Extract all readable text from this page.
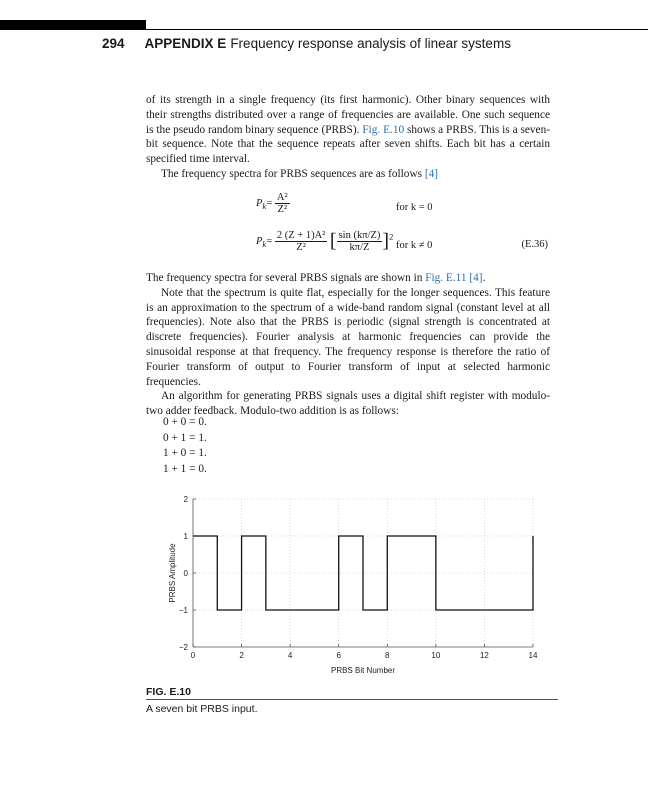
294 APPENDIX E Frequency response analysis of linear systems

of its strength in a single frequency (its first harmonic). Other binary sequences with their strengths distributed over a range of frequencies are available. One such sequence is the pseudo random binary sequence (PRBS). Fig. E.10 shows a PRBS. This is a seven-bit sequence. Note that the sequence repeats after seven shifts. Each bit has a certain specified time interval.

The frequency spectra for PRBS sequences are as follows [4]

$P_k= \frac{\text{A²}}{\text{Z²}}$	for k = 0
$P_k= \frac{\text{2 (Z + 1)A²}}{\text{Z²}}$ [ $\frac{\sin (k\pi/Z)}{k\pi/Z} ]^2$
for k ≠ 0	(E.36)

The frequency spectra for several PRBS signals are shown in Fig. E.11 [4].

Note that the spectrum is quite flat, especially for the longer sequences. This feature is an approximation to the spectrum of a wide-band random signal (constant level at all frequencies). Note also that the PRBS is periodic (signal strength is concentrated at discrete frequencies). Fourier analysis at harmonic frequencies can provide the sinusoidal response at that frequency. The frequency response is therefore the ratio of Fourier transform of output to Fourier transform of input at selected harmonic frequencies.

An algorithm for generating PRBS signals uses a digital shift register with modulo-two adder feedback. Modulo-two addition is as follows:

0 + 0 = 0.
0 + 1 = 1.
1 + 0 = 1.
1 + 1 = 0.
0	2	4	6	8	10	12	14
−2
−1
0
1
2
PRBS Bit Number
PRBS Amplitude
FIG. E.10
A seven bit PRBS input.
